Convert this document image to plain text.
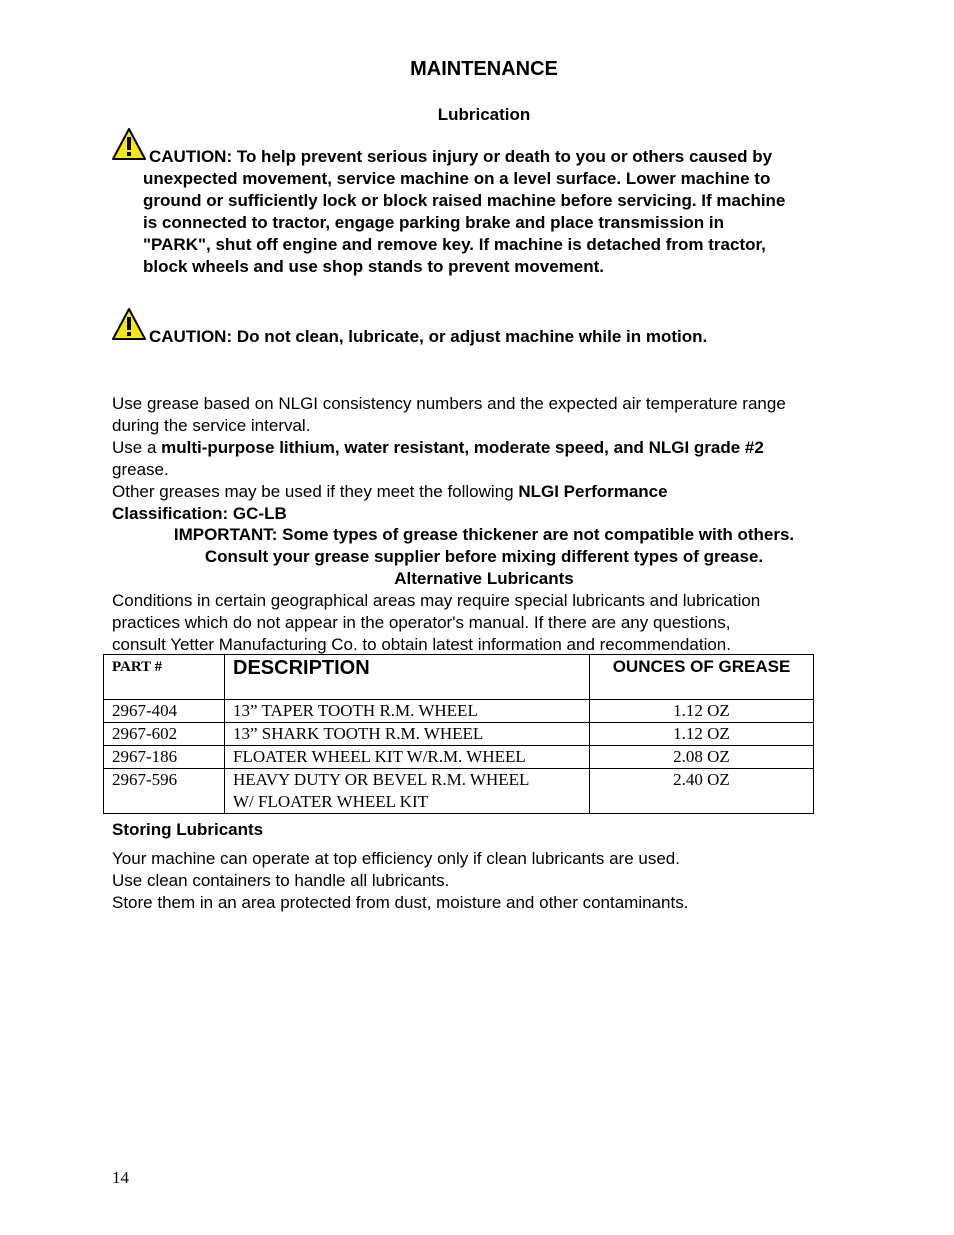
MAINTENANCE
Lubrication
CAUTION: To help prevent serious injury or death to you or others caused by
unexpected movement, service machine on a level surface. Lower machine to
ground or sufficiently lock or block raised machine before servicing. If machine
is connected to tractor, engage parking brake and place transmission in
"PARK", shut off engine and remove key. If machine is detached from tractor,
block wheels and use shop stands to prevent movement.
CAUTION: Do not clean, lubricate, or adjust machine while in motion.
Use grease based on NLGI consistency numbers and the expected air temperature range
during the service interval.
Use a multi-purpose lithium, water resistant, moderate speed, and NLGI grade #2
grease.
Other greases may be used if they meet the following NLGI Performance
Classification: GC-LB
IMPORTANT: Some types of grease thickener are not compatible with others.
Consult your grease supplier before mixing different types of grease.
Alternative Lubricants
Conditions in certain geographical areas may require special lubricants and lubrication
practices which do not appear in the operator's manual. If there are any questions,
consult Yetter Manufacturing Co. to obtain latest information and recommendation.
PART #	DESCRIPTION	OUNCES OF GREASE

2967-404	13” TAPER TOOTH R.M. WHEEL	1.12 OZ
2967-602	13” SHARK TOOTH R.M. WHEEL	1.12 OZ
2967-186	FLOATER WHEEL KIT W/R.M. WHEEL	2.08 OZ
2967-596	HEAVY DUTY OR BEVEL R.M. WHEEL
W/ FLOATER WHEEL KIT	2.40 OZ
Storing Lubricants
Your machine can operate at top efficiency only if clean lubricants are used.
Use clean containers to handle all lubricants.
Store them in an area protected from dust, moisture and other contaminants.
14
